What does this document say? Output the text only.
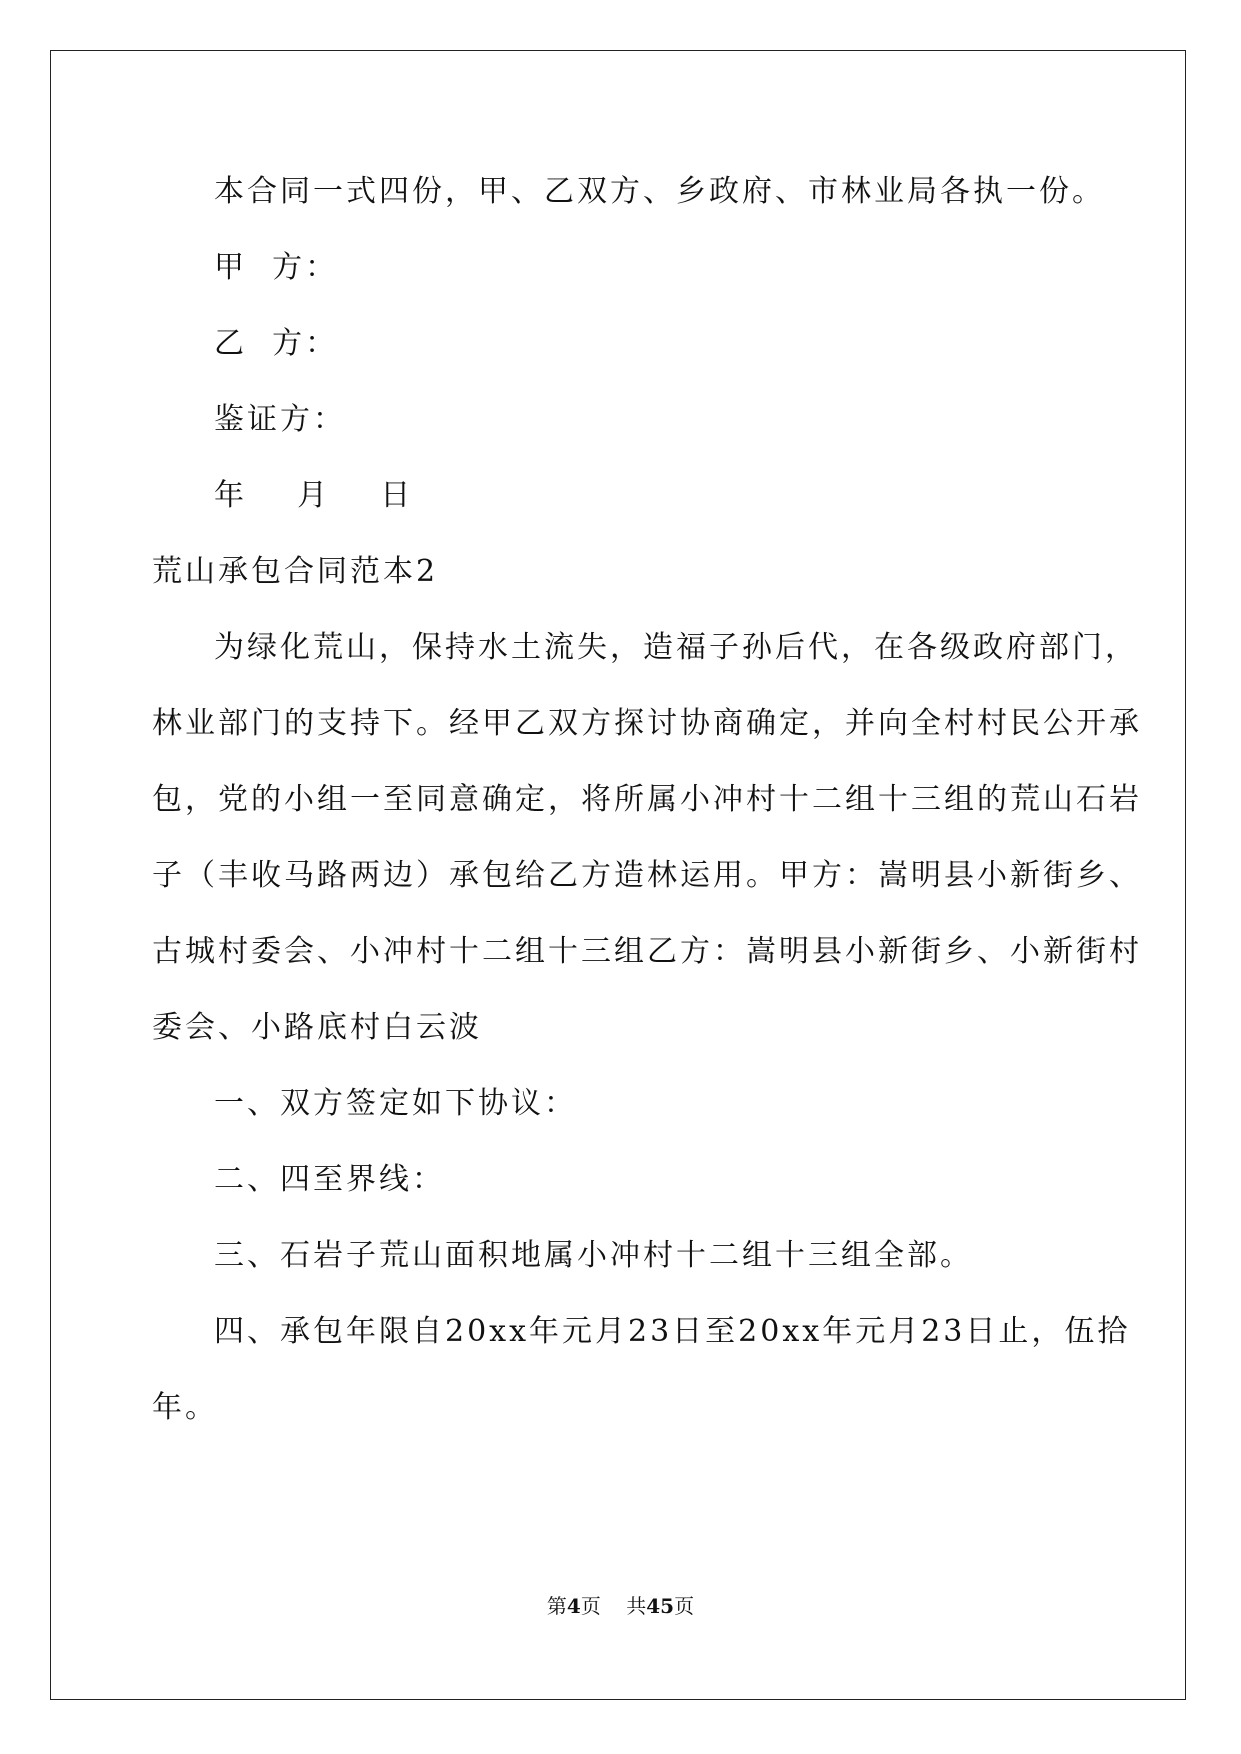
本合同一式四份，甲、乙双方、乡政府、市林业局各执一份。
甲  方：
乙  方：
鉴证方：
年    月    日
荒山承包合同范本2
为绿化荒山，保持水土流失，造福子孙后代，在各级政府部门，
林业部门的支持下。经甲乙双方探讨协商确定，并向全村村民公开承
包，党的小组一至同意确定，将所属小冲村十二组十三组的荒山石岩
子（丰收马路两边）承包给乙方造林运用。甲方：嵩明县小新街乡、
古城村委会、小冲村十二组十三组乙方：嵩明县小新街乡、小新街村
委会、小路底村白云波
一、双方签定如下协议：
二、四至界线：
三、石岩子荒山面积地属小冲村十二组十三组全部。
四、承包年限自20xx年元月23日至20xx年元月23日止，伍拾
年。
第4页 共45页
